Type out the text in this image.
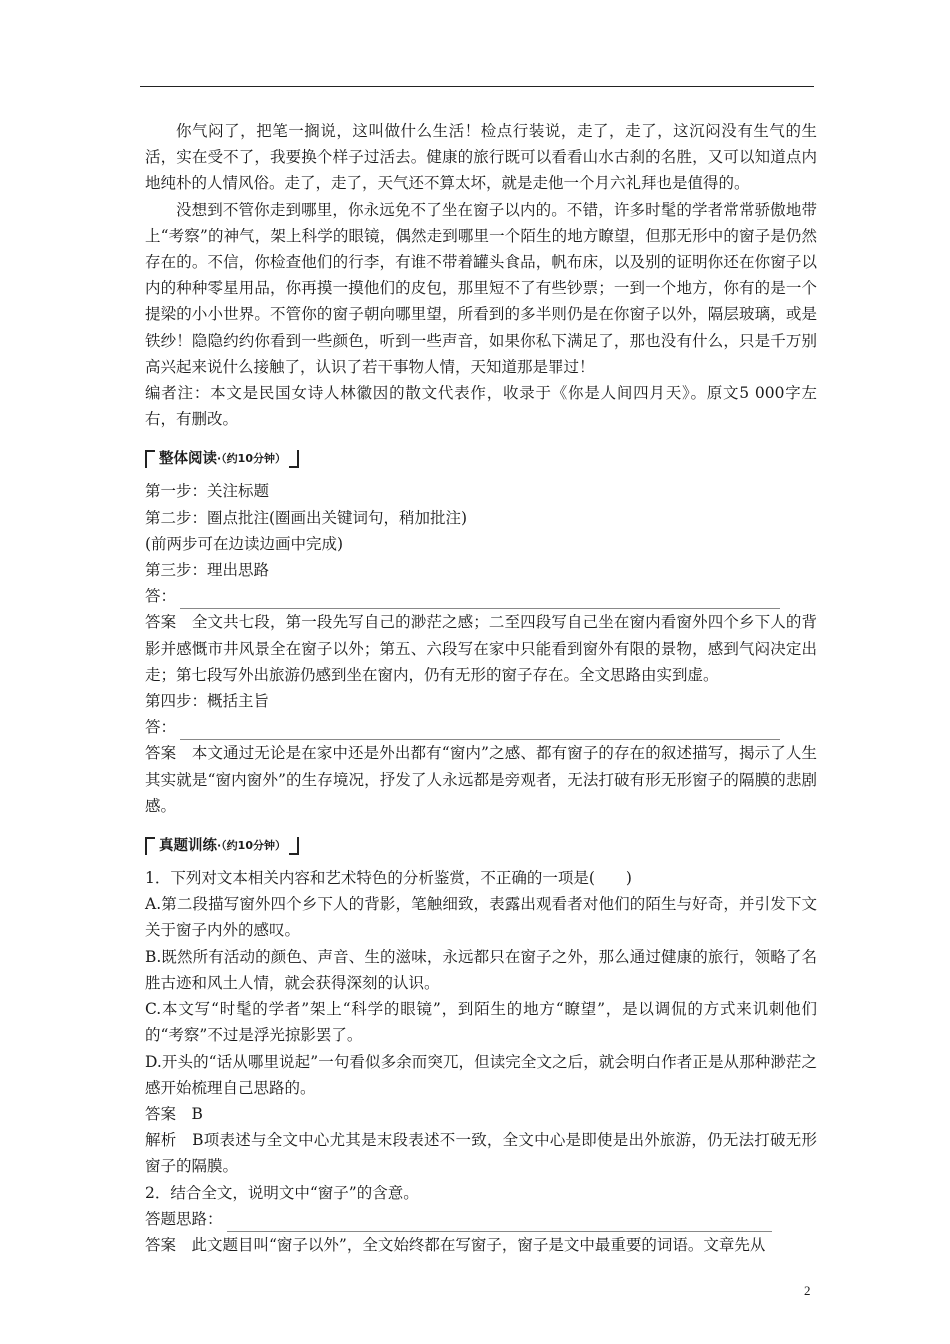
你气闷了，把笔一搁说，这叫做什么生活！检点行装说，走了，走了，这沉闷没有生气的生活，实在受不了，我要换个样子过活去。健康的旅行既可以看看山水古刹的名胜，又可以知道点内地纯朴的人情风俗。走了，走了，天气还不算太坏，就是走他一个月六礼拜也是值得的。

没想到不管你走到哪里，你永远免不了坐在窗子以内的。不错，许多时髦的学者常常骄傲地带上“考察”的神气，架上科学的眼镜，偶然走到哪里一个陌生的地方瞭望，但那无形中的窗子是仍然存在的。不信，你检查他们的行李，有谁不带着罐头食品，帆布床，以及别的证明你还在你窗子以内的种种零星用品，你再摸一摸他们的皮包，那里短不了有些钞票；一到一个地方，你有的是一个提梁的小小世界。不管你的窗子朝向哪里望，所看到的多半则仍是在你窗子以外，隔层玻璃，或是铁纱！隐隐约约你看到一些颜色，听到一些声音，如果你私下满足了，那也没有什么，只是千万别高兴起来说什么接触了，认识了若干事物人情，天知道那是罪过！

编者注：本文是民国女诗人林徽因的散文代表作，收录于《你是人间四月天》。原文5 000字左右，有删改。

整体阅读 ·（约10分钟）

第一步：关注标题

第二步：圈点批注(圈画出关键词句，稍加批注)

(前两步可在边读边画中完成)

第三步：理出思路

答：

答案　全文共七段，第一段先写自己的渺茫之感；二至四段写自己坐在窗内看窗外四个乡下人的背影并感慨市井风景全在窗子以外；第五、六段写在家中只能看到窗外有限的景物，感到气闷决定出走；第七段写外出旅游仍感到坐在窗内，仍有无形的窗子存在。全文思路由实到虚。

第四步：概括主旨

答：

答案　本文通过无论是在家中还是外出都有“窗内”之感、都有窗子的存在的叙述描写，揭示了人生其实就是“窗内窗外”的生存境况，抒发了人永远都是旁观者，无法打破有形无形窗子的隔膜的悲剧感。

真题训练 ·（约10分钟）

1．下列对文本相关内容和艺术特色的分析鉴赏，不正确的一项是(　　)

A.第二段描写窗外四个乡下人的背影，笔触细致，表露出观看者对他们的陌生与好奇，并引发下文关于窗子内外的感叹。

B.既然所有活动的颜色、声音、生的滋味，永远都只在窗子之外，那么通过健康的旅行，领略了名胜古迹和风土人情，就会获得深刻的认识。

C.本文写“时髦的学者”架上“科学的眼镜”，到陌生的地方“瞭望”，是以调侃的方式来讥刺他们的“考察”不过是浮光掠影罢了。

D.开头的“话从哪里说起”一句看似多余而突兀，但读完全文之后，就会明白作者正是从那种渺茫之感开始梳理自己思路的。

答案　B

解析　B项表述与全文中心尤其是末段表述不一致，全文中心是即使是出外旅游，仍无法打破无形窗子的隔膜。

2．结合全文，说明文中“窗子”的含意。

答题思路：

答案　此文题目叫“窗子以外”，全文始终都在写窗子，窗子是文中最重要的词语。文章先从

2
